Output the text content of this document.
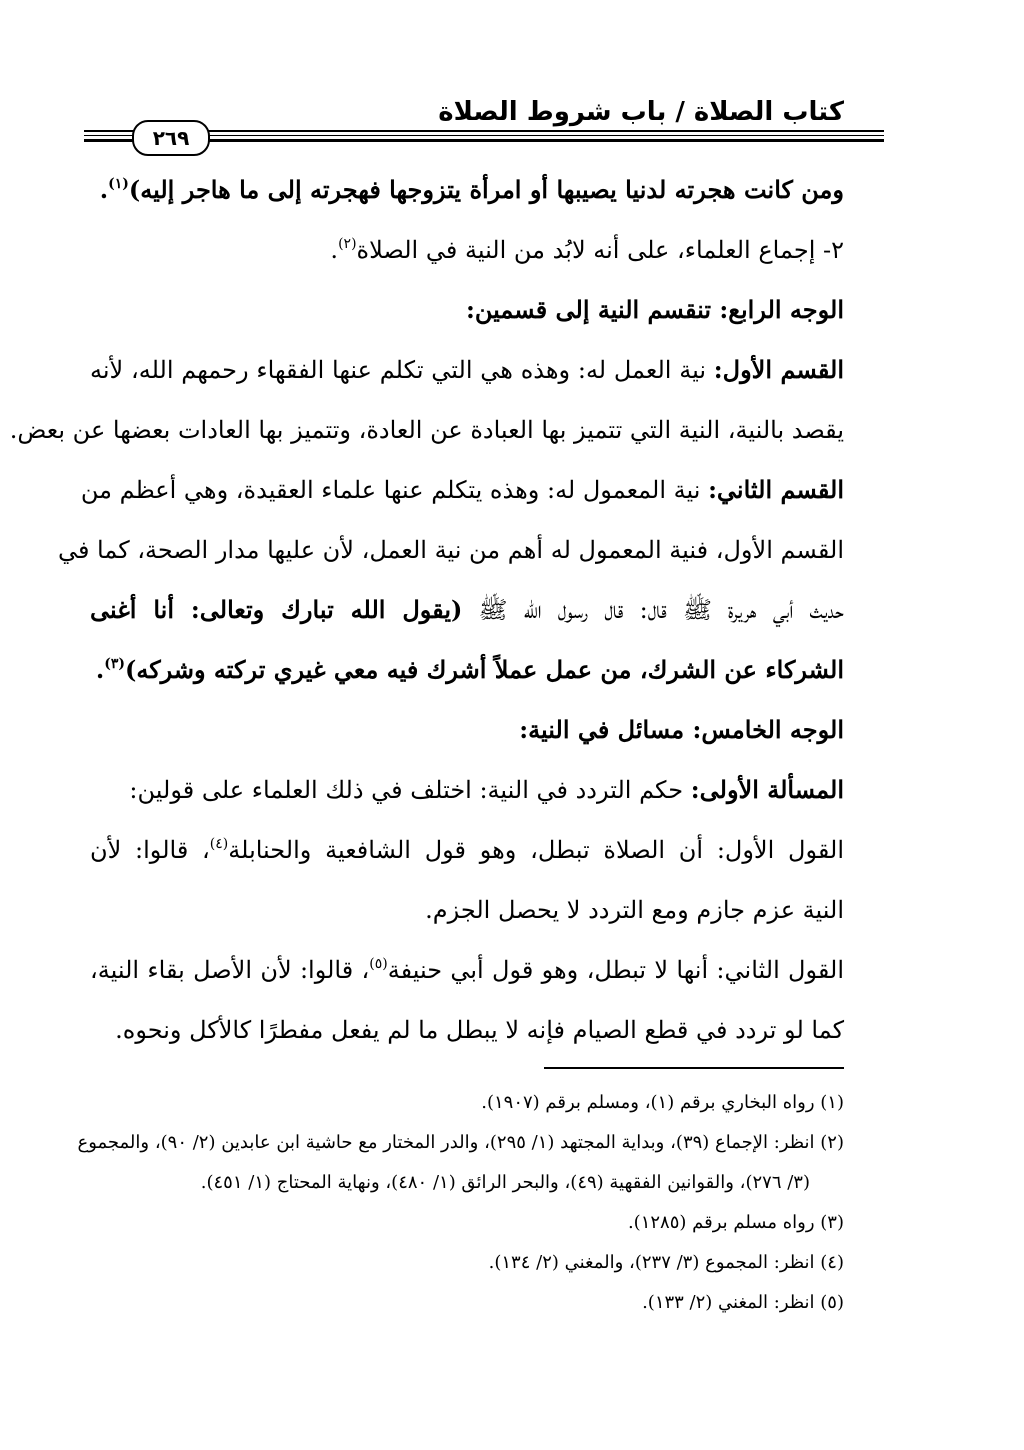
كتاب الصلاة / باب شروط الصلاة
٢٦٩
ومن كانت هجرته لدنيا يصيبها أو امرأة يتزوجها فهجرته إلى ما هاجر إليه)$^{(١)}$.
٢- إجماع العلماء، على أنه لابُد من النية في الصلاة$^{(٢)}$.
الوجه الرابع: تنقسم النية إلى قسمين:
القسم الأول: نية العمل له: وهذه هي التي تكلم عنها الفقهاء رحمهم الله، لأنه
يقصد بالنية، النية التي تتميز بها العبادة عن العادة، وتتميز بها العادات بعضها عن بعض.
القسم الثاني: نية المعمول له: وهذه يتكلم عنها علماء العقيدة، وهي أعظم من
القسم الأول، فنية المعمول له أهم من نية العمل، لأن عليها مدار الصحة، كما في
حديث أبي هريرة ﷺ قال: قال رسول الله ﷺ (يقول الله تبارك وتعالى: أنا أغنى
الشركاء عن الشرك، من عمل عملاً أشرك فيه معي غيري تركته وشركه)$^{(٣)}$.
الوجه الخامس: مسائل في النية:
المسألة الأولى: حكم التردد في النية: اختلف في ذلك العلماء على قولين:
القول الأول: أن الصلاة تبطل، وهو قول الشافعية والحنابلة$^{(٤)}$، قالوا: لأن
النية عزم جازم ومع التردد لا يحصل الجزم.
القول الثاني: أنها لا تبطل، وهو قول أبي حنيفة$^{(٥)}$، قالوا: لأن الأصل بقاء النية،
كما لو تردد في قطع الصيام فإنه لا يبطل ما لم يفعل مفطرًا كالأكل ونحوه.
(١) رواه البخاري برقم (١)، ومسلم برقم (١٩٠٧).
(٢) انظر: الإجماع (٣٩)، وبداية المجتهد (١/ ٢٩٥)، والدر المختار مع حاشية ابن عابدين (٢/ ٩٠)، والمجموع
(٣/ ٢٧٦)، والقوانين الفقهية (٤٩)، والبحر الرائق (١/ ٤٨٠)، ونهاية المحتاج (١/ ٤٥١).
(٣) رواه مسلم برقم (١٢٨٥).
(٤) انظر: المجموع (٣/ ٢٣٧)، والمغني (٢/ ١٣٤).
(٥) انظر: المغني (٢/ ١٣٣).
